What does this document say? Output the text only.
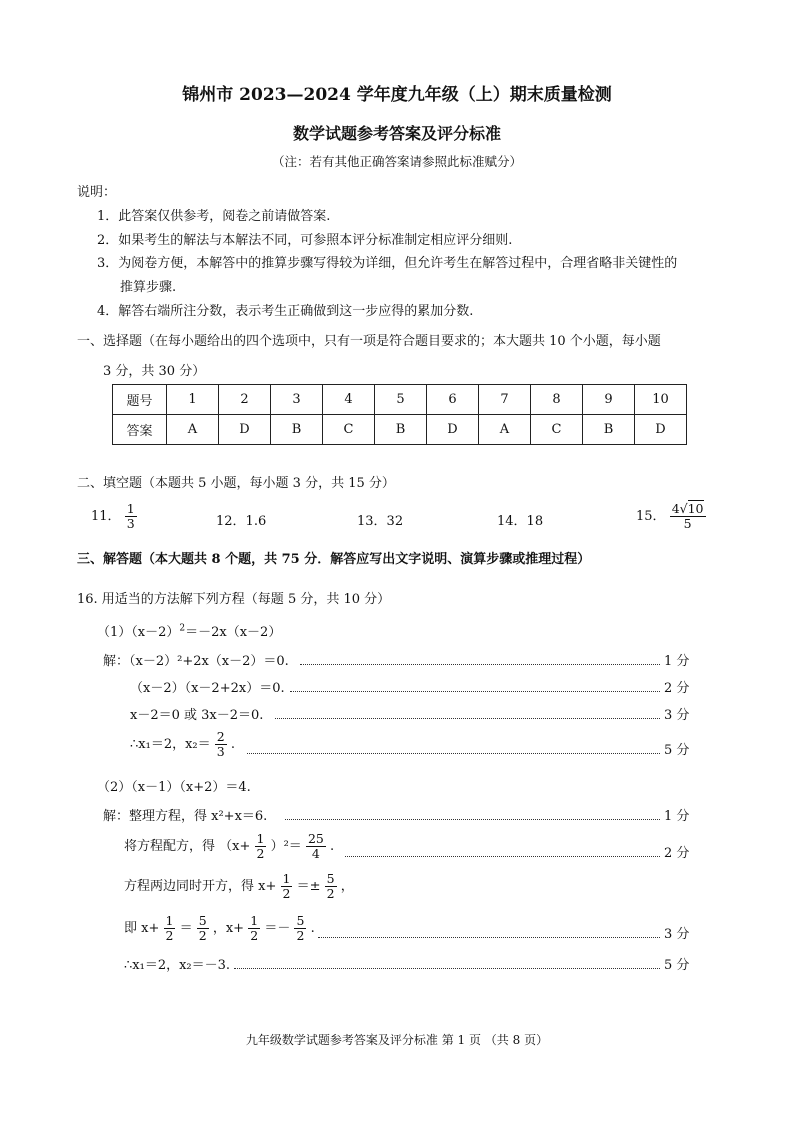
锦州市 2023—2024 学年度九年级（上）期末质量检测
数学试题参考答案及评分标准
（注：若有其他正确答案请参照此标准赋分）
说明：
1．此答案仅供参考，阅卷之前请做答案.
2．如果考生的解法与本解法不同，可参照本评分标准制定相应评分细则.
3．为阅卷方便，本解答中的推算步骤写得较为详细，但允许考生在解答过程中，合理省略非关键性的
推算步骤.
4．解答右端所注分数，表示考生正确做到这一步应得的累加分数.
一、选择题（在每小题给出的四个选项中，只有一项是符合题目要求的；本大题共 10 个小题，每小题
3 分，共 30 分）
题号	1	2	3	4	5	6	7	8	9	10
答案	A	D	B	C	B	D	A	C	B	D
二、填空题（本题共 5 小题，每小题 3 分，共 15 分）
11． $\frac{1}{3}$	12．1.6	13．32	14．18	15． $\frac{4√10}{5}$
三、解答题（本大题共 8 个题，共 75 分．解答应写出文字说明、演算步骤或推理过程）
16. 用适当的方法解下列方程（每题 5 分，共 10 分）
$(1)(x-2)^2=-2x(x-2)$
解：（x－2）²+2x（x－2）＝0.	1 分
（x－2）（x－2+2x）＝0.	2 分
x－2＝0 或 3x－2＝0.	3 分
∴x₁＝2，$x_2= \frac{2}{3}$ .	5 分
（2）（x－1）（x+2）＝4.
解：整理方程，得 x²+x＝6.	1 分
将方程配方，得 $(x+ \frac{1}{2} )^2= \frac{25}{4}$ .	2 分
方程两边同时开方，得 $x+ \frac{1}{2} =\pm \frac{5}{2}$ ，
即 $x+ \frac{1}{2} = \frac{5}{2}$ ，$x+ \frac{1}{2} =- \frac{5}{2}$ .	3 分
∴x₁＝2，x₂＝－3.	5 分
九年级数学试题参考答案及评分标准 第 1 页 （共 8 页）
